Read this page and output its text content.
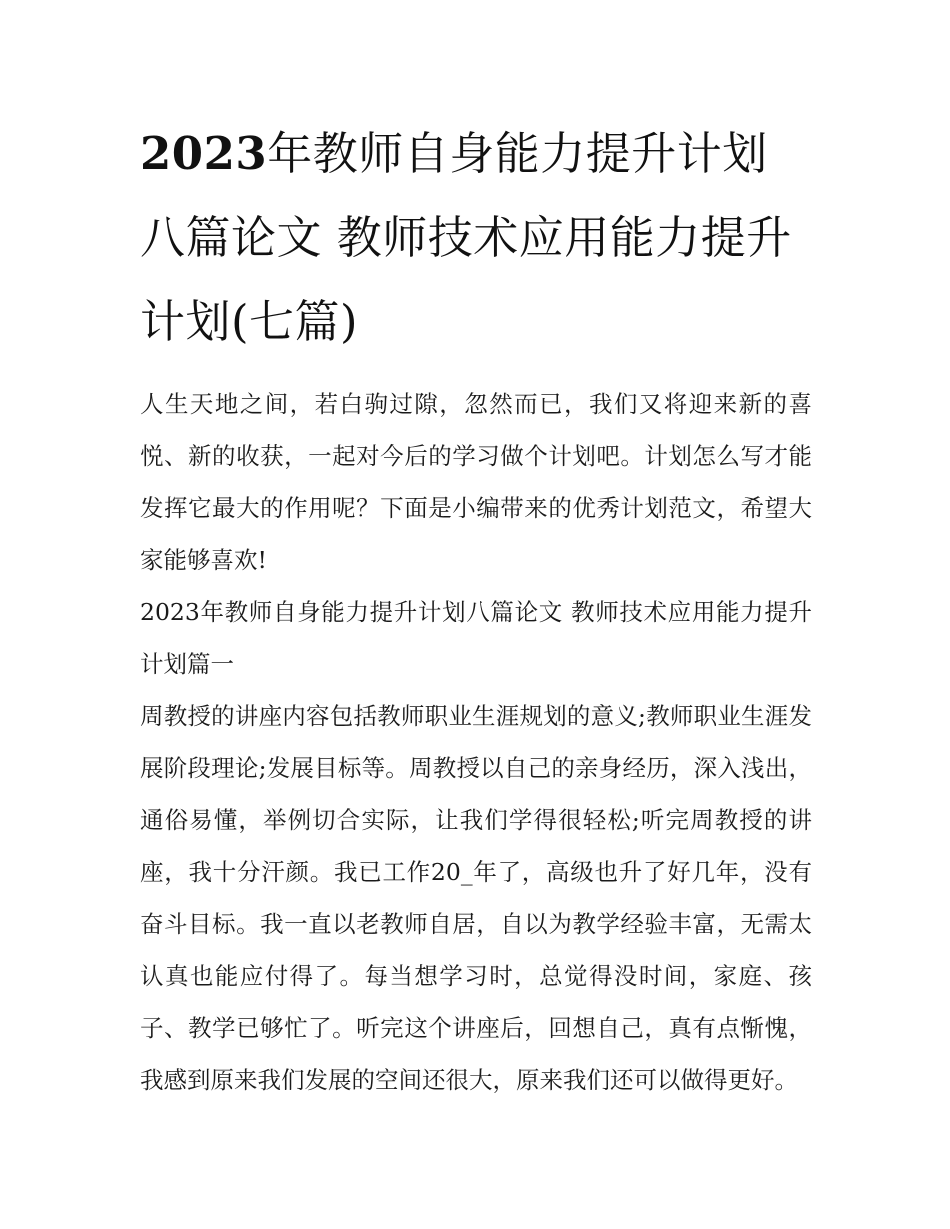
2023年教师自身能力提升计划八篇论文 教师技术应用能力提升计划(七篇)

人生天地之间，若白驹过隙，忽然而已，我们又将迎来新的喜悦、新的收获，一起对今后的学习做个计划吧。计划怎么写才能发挥它最大的作用呢？下面是小编带来的优秀计划范文，希望大家能够喜欢!

2023年教师自身能力提升计划八篇论文 教师技术应用能力提升计划篇一

周教授的讲座内容包括教师职业生涯规划的意义;教师职业生涯发展阶段理论;发展目标等。周教授以自己的亲身经历，深入浅出，通俗易懂，举例切合实际，让我们学得很轻松;听完周教授的讲座，我十分汗颜。我已工作20_年了，高级也升了好几年，没有奋斗目标。我一直以老教师自居，自以为教学经验丰富，无需太认真也能应付得了。每当想学习时，总觉得没时间，家庭、孩子、教学已够忙了。听完这个讲座后，回想自己，真有点惭愧，我感到原来我们发展的空间还很大，原来我们还可以做得更好。
